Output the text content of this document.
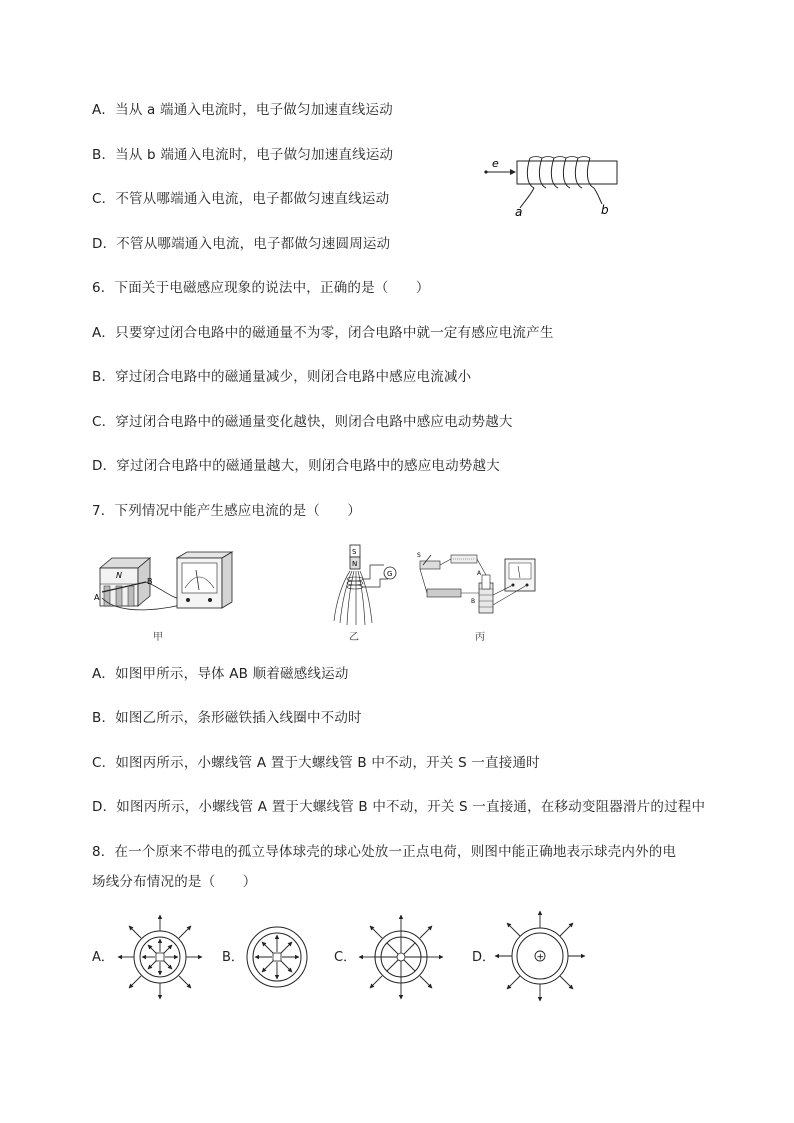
A．当从 a 端通入电流时，电子做匀加速直线运动
B．当从 b 端通入电流时，电子做匀加速直线运动
C．不管从哪端通入电流，电子都做匀速直线运动
D．不管从哪端通入电流，电子都做匀速圆周运动
e
a	b
6．下面关于电磁感应现象的说法中，正确的是（　　）
A．只要穿过闭合电路中的磁通量不为零，闭合电路中就一定有感应电流产生
B．穿过闭合电路中的磁通量减少，则闭合电路中感应电流减小
C．穿过闭合电路中的磁通量变化越快，则闭合电路中感应电动势越大
D．穿过闭合电路中的磁通量越大，则闭合电路中的感应电动势越大
7．下列情况中能产生感应电流的是（　　）
N
A
B
甲
S
N
G
乙
S
A
B
丙
A．如图甲所示，导体 AB 顺着磁感线运动
B．如图乙所示，条形磁铁插入线圈中不动时
C．如图丙所示，小螺线管 A 置于大螺线管 B 中不动，开关 S 一直接通时
D．如图丙所示，小螺线管 A 置于大螺线管 B 中不动，开关 S 一直接通，在移动变阻器滑片的过程中
8．在一个原来不带电的孤立导体球壳的球心处放一正点电荷，则图中能正确地表示球壳内外的电
场线分布情况的是（　　）
A．	B．	C．	D．	+
